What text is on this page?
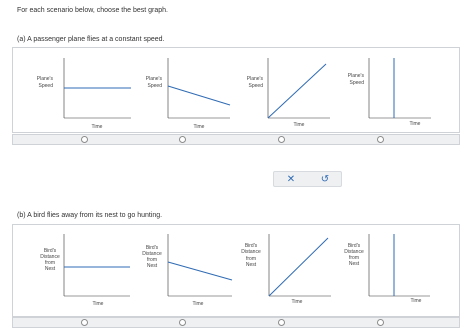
For each scenario below, choose the best graph.
(a) A passenger plane flies at a constant speed.
Plane's
Speed
Time
Plane's
Speed
Time
Plane's
Speed
Time
Plane's
Speed
Time
✕	↺
(b) A bird flies away from its nest to go hunting.
Bird's
Distance
from
Nest
Time
Bird's
Distance
from
Nest
Time
Bird's
Distance
from
Nest
Time
Bird's
Distance
from
Nest
Time
